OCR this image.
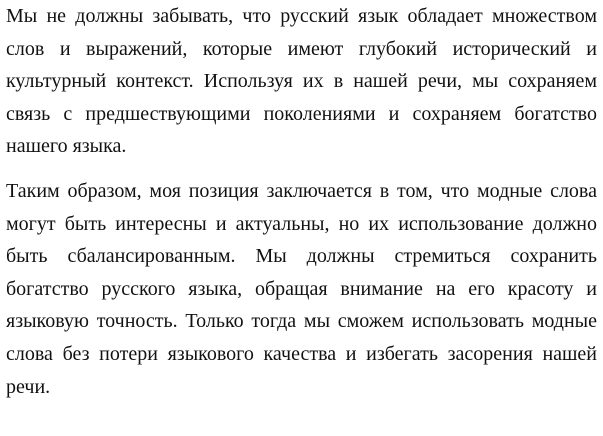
Мы не должны забывать, что русский язык обладает множеством слов и выражений, которые имеют глубокий исторический и культурный контекст. Используя их в нашей речи, мы сохраняем связь с предшествующими поколениями и сохраняем богатство нашего языка.

Таким образом, моя позиция заключается в том, что модные слова могут быть интересны и актуальны, но их использование должно быть сбалансированным. Мы должны стремиться сохранить богатство русского языка, обращая внимание на его красоту и языковую точность. Только тогда мы сможем использовать модные слова без потери языкового качества и избегать засорения нашей речи.
